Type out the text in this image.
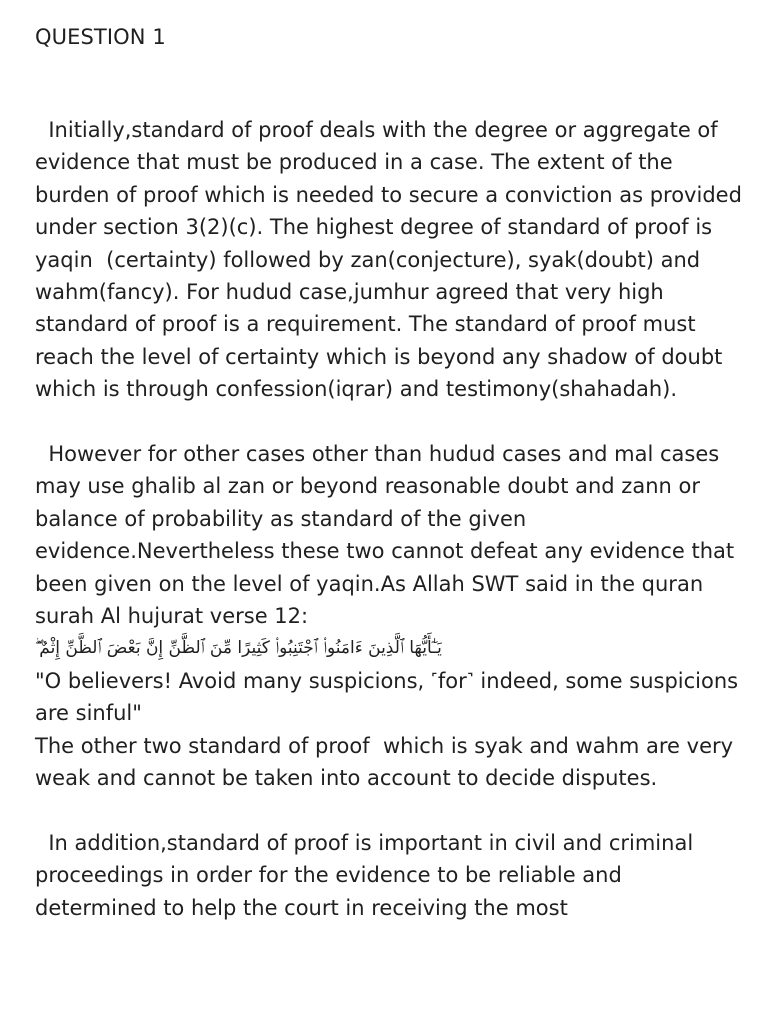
QUESTION 1

Initially,standard of proof deals with the degree or aggregate of evidence that must be produced in a case. The extent of the burden of proof which is needed to secure a conviction as provided under section 3(2)(c). The highest degree of standard of proof is yaqin  (certainty) followed by zan(conjecture), syak(doubt) and wahm(fancy). For hudud case,jumhur agreed that very high standard of proof is a requirement. The standard of proof must reach the level of certainty which is beyond any shadow of doubt which is through confession(iqrar) and testimony(shahadah).

However for other cases other than hudud cases and mal cases may use ghalib al zan or beyond reasonable doubt and zann or balance of probability as standard of the given evidence.Nevertheless these two cannot defeat any evidence that been given on the level of yaqin.As Allah SWT said in the quran surah Al hujurat verse 12:

يَـٰٓأَيُّهَا ٱلَّذِينَ ءَامَنُوا۟ ٱجْتَنِبُوا۟ كَثِيرًا مِّنَ ٱلظَّنِّ إِنَّ بَعْضَ ٱلظَّنِّ إِثْمٌ ۖ

"O believers! Avoid many suspicions, ˹for˺ indeed, some suspicions are sinful"

The other two standard of proof  which is syak and wahm are very weak and cannot be taken into account to decide disputes.

In addition,standard of proof is important in civil and criminal proceedings in order for the evidence to be reliable and determined to help the court in receiving the most
